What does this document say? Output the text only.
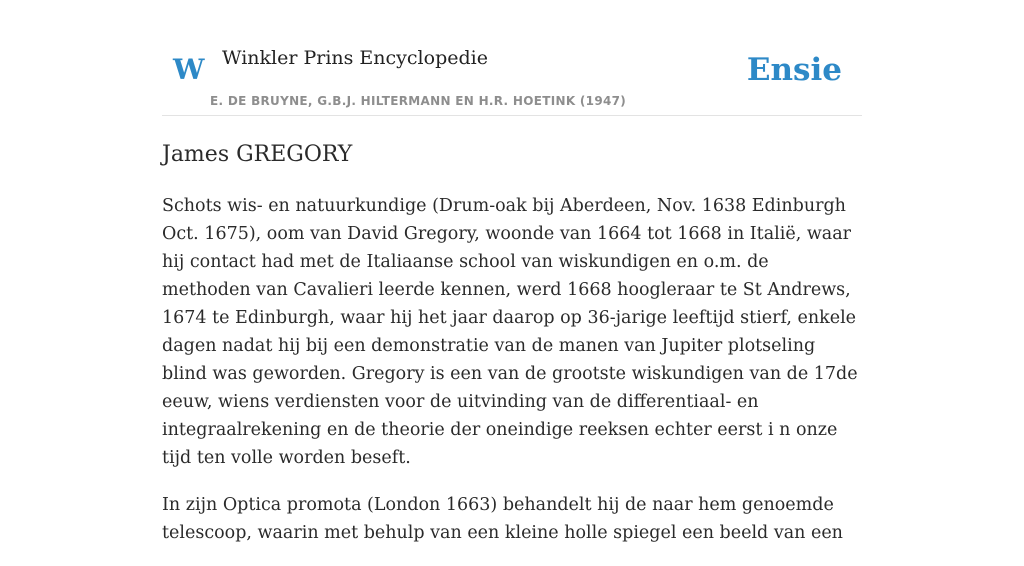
W Winkler Prins Encyclopedie
E. DE BRUYNE, G.B.J. HILTERMANN EN H.R. HOETINK (1947)
Ensie
James GREGORY

Schots wis- en natuurkundige (Drum-oak bij Aberdeen, Nov. 1638 Edinburgh Oct. 1675), oom van David Gregory, woonde van 1664 tot 1668 in Italië, waar hij contact had met de Italiaanse school van wiskundigen en o.m. de methoden van Cavalieri leerde kennen, werd 1668 hoogleraar te St Andrews, 1674 te Edinburgh, waar hij het jaar daarop op 36-jarige leeftijd stierf, enkele dagen nadat hij bij een demonstratie van de manen van Jupiter plotseling blind was geworden. Gregory is een van de grootste wiskundigen van de 17de eeuw, wiens verdiensten voor de uitvinding van de differentiaal- en integraalrekening en de theorie der oneindige reeksen echter eerst i n onze tijd ten volle worden beseft.

In zijn Optica promota (London 1663) behandelt hij de naar hem genoemde telescoop, waarin met behulp van een kleine holle spiegel een beeld van een
